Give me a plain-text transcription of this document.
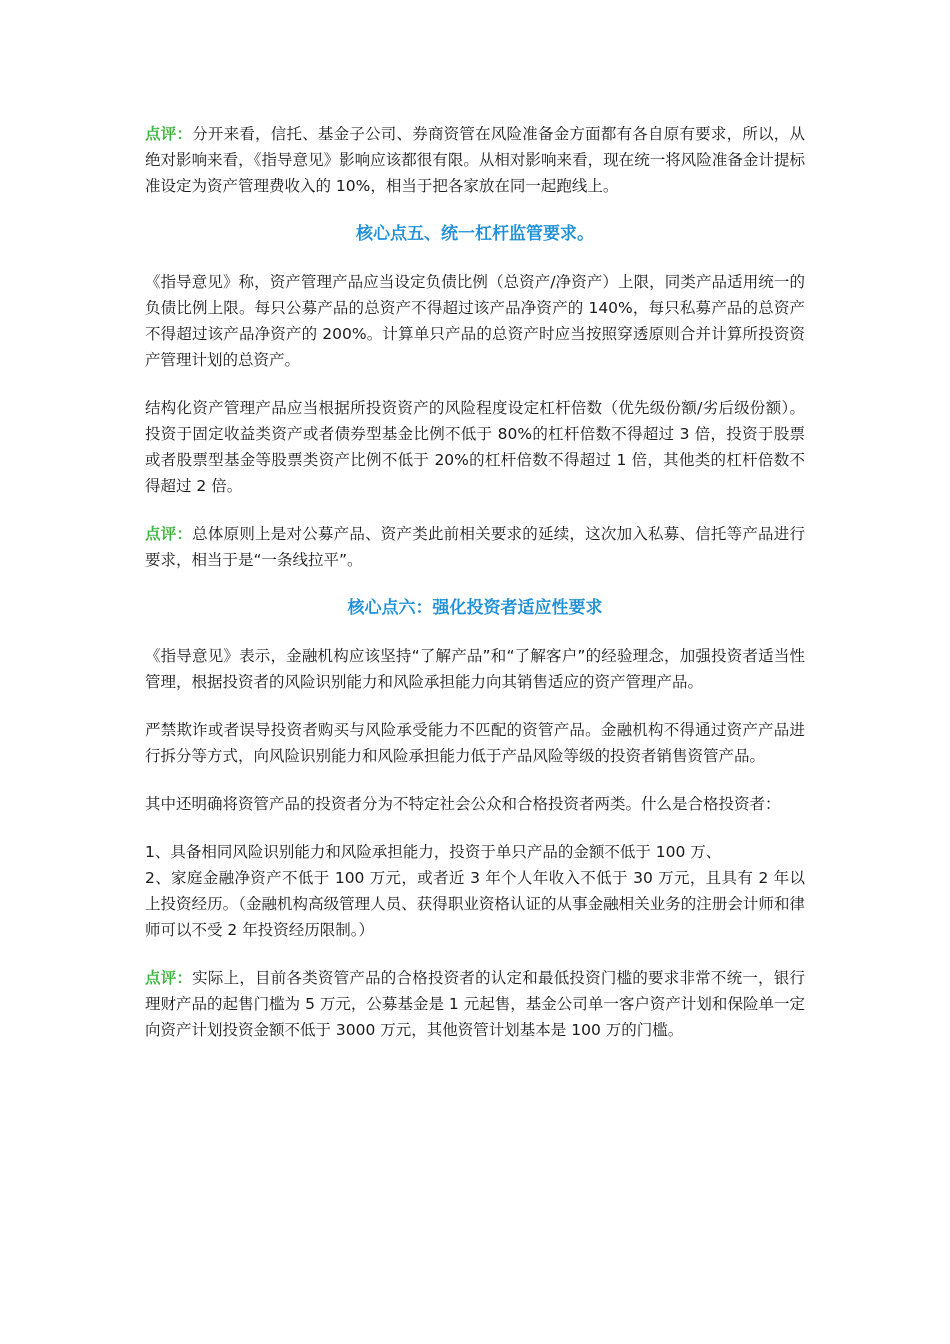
点评：分开来看，信托、基金子公司、券商资管在风险准备金方面都有各自原有要求，所以，从绝对影响来看，《指导意见》影响应该都很有限。从相对影响来看，现在统一将风险准备金计提标准设定为资产管理费收入的 10%，相当于把各家放在同一起跑线上。

核心点五、统一杠杆监管要求。

《指导意见》称，资产管理产品应当设定负债比例（总资产/净资产）上限，同类产品适用统一的负债比例上限。每只公募产品的总资产不得超过该产品净资产的 140%，每只私募产品的总资产不得超过该产品净资产的 200%。计算单只产品的总资产时应当按照穿透原则合并计算所投资资产管理计划的总资产。

结构化资产管理产品应当根据所投资资产的风险程度设定杠杆倍数（优先级份额/劣后级份额）。投资于固定收益类资产或者债券型基金比例不低于 80%的杠杆倍数不得超过 3 倍，投资于股票或者股票型基金等股票类资产比例不低于 20%的杠杆倍数不得超过 1 倍，其他类的杠杆倍数不得超过 2 倍。

点评：总体原则上是对公募产品、资产类此前相关要求的延续，这次加入私募、信托等产品进行要求，相当于是“一条线拉平”。

核心点六：强化投资者适应性要求

《指导意见》表示，金融机构应该坚持“了解产品”和“了解客户”的经验理念，加强投资者适当性管理，根据投资者的风险识别能力和风险承担能力向其销售适应的资产管理产品。

严禁欺诈或者误导投资者购买与风险承受能力不匹配的资管产品。金融机构不得通过资产产品进行拆分等方式，向风险识别能力和风险承担能力低于产品风险等级的投资者销售资管产品。

其中还明确将资管产品的投资者分为不特定社会公众和合格投资者两类。什么是合格投资者：

1、具备相同风险识别能力和风险承担能力，投资于单只产品的金额不低于 100 万、
2、家庭金融净资产不低于 100 万元，或者近 3 年个人年收入不低于 30 万元，且具有 2 年以上投资经历。（金融机构高级管理人员、获得职业资格认证的从事金融相关业务的注册会计师和律师可以不受 2 年投资经历限制。）

点评：实际上，目前各类资管产品的合格投资者的认定和最低投资门槛的要求非常不统一，银行理财产品的起售门槛为 5 万元，公募基金是 1 元起售，基金公司单一客户资产计划和保险单一定向资产计划投资金额不低于 3000 万元，其他资管计划基本是 100 万的门槛。
